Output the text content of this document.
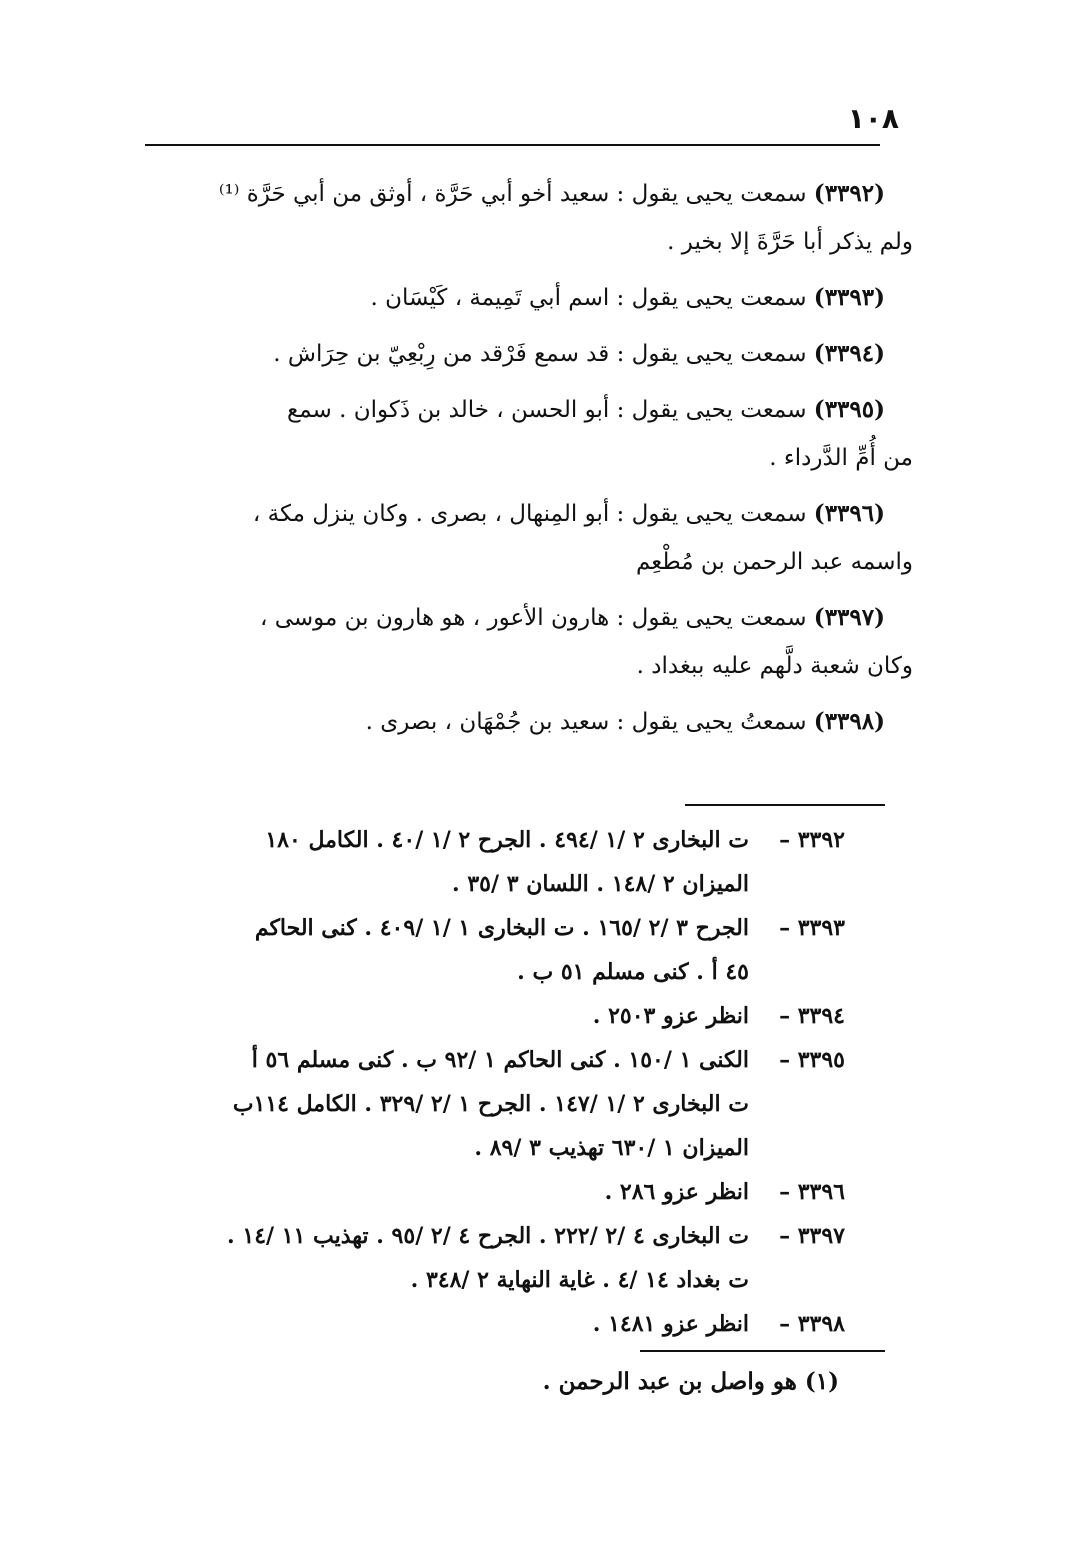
١٠٨
(٣٣٩٢) سمعت يحيى يقول : سعيد أخو أبي حَرَّة ، أوثق من أبي حَرَّة ⁽¹⁾
ولم يذكر أبا حَرَّةَ إلا بخير .
(٣٣٩٣) سمعت يحيى يقول : اسم أبي تَمِيمة ، كَيْسَان .
(٣٣٩٤) سمعت يحيى يقول : قد سمع فَرْقد من رِبْعِيّ بن حِرَاش .
(٣٣٩٥) سمعت يحيى يقول : أبو الحسن ، خالد بن ذَكوان . سمع
من أُمِّ الدَّرداء .
(٣٣٩٦) سمعت يحيى يقول : أبو المِنهال ، بصرى . وكان ينزل مكة ،
واسمه عبد الرحمن بن مُطْعِم
(٣٣٩٧) سمعت يحيى يقول : هارون الأعور ، هو هارون بن موسى ،
وكان شعبة دلَّهم عليه ببغداد .
(٣٣٩٨) سمعتُ يحيى يقول : سعيد بن جُمْهَان ، بصرى .
٣٣٩٢ –ت البخارى ٢ /١ /٤٩٤ . الجرح ٢ /١ /٤٠ . الكامل ١٨٠
الميزان ٢ /١٤٨ . اللسان ٣ /٣٥ .
٣٣٩٣ –الجرح ٣ /٢ /١٦٥ . ت البخارى ١ /١ /٤٠٩ . كنى الحاكم
٤٥ أ . كنى مسلم ٥١ ب .
٣٣٩٤ –انظر عزو ٢٥٠٣ .
٣٣٩٥ –الكنى ١ /١٥٠ . كنى الحاكم ١ /٩٢ ب . كنى مسلم ٥٦ أ
ت البخارى ٢ /١ /١٤٧ . الجرح ١ /٢ /٣٢٩ . الكامل ١١٤ب
الميزان ١ /٦٣٠ تهذيب ٣ /٨٩ .
٣٣٩٦ –انظر عزو ٢٨٦ .
٣٣٩٧ –ت البخارى ٤ /٢ /٢٢٢ . الجرح ٤ /٢ /٩٥ . تهذيب ١١ /١٤ .
ت بغداد ١٤ /٤ . غاية النهاية ٢ /٣٤٨ .
٣٣٩٨ –انظر عزو ١٤٨١ .
(١) هو واصل بن عبد الرحمن .
